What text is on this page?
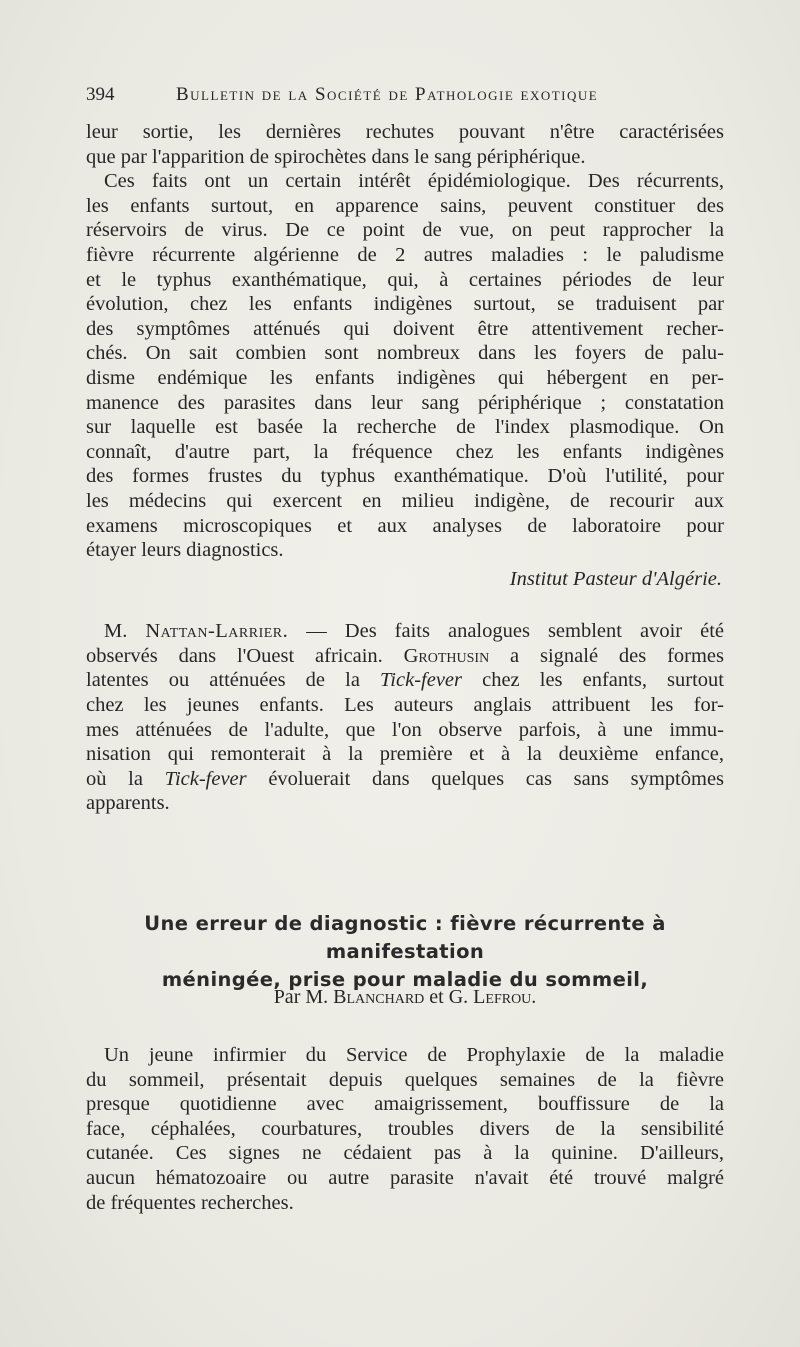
394	Bulletin de la Société de Pathologie exotique

leur sortie, les dernières rechutes pouvant n'être caractérisées
que par l'apparition de spirochètes dans le sang périphérique.

Ces faits ont un certain intérêt épidémiologique. Des récurrents,
les enfants surtout, en apparence sains, peuvent constituer des
réservoirs de virus. De ce point de vue, on peut rapprocher la
fièvre récurrente algérienne de 2 autres maladies : le paludisme
et le typhus exanthématique, qui, à certaines périodes de leur
évolution, chez les enfants indigènes surtout, se traduisent par
des symptômes atténués qui doivent être attentivement recher-
chés. On sait combien sont nombreux dans les foyers de palu-
disme endémique les enfants indigènes qui hébergent en per-
manence des parasites dans leur sang périphérique ; constatation
sur laquelle est basée la recherche de l'index plasmodique. On
connaît, d'autre part, la fréquence chez les enfants indigènes
des formes frustes du typhus exanthématique. D'où l'utilité, pour
les médecins qui exercent en milieu indigène, de recourir aux
examens microscopiques et aux analyses de laboratoire pour
étayer leurs diagnostics.

Institut Pasteur d'Algérie.

M. Nattan-Larrier. — Des faits analogues semblent avoir été
observés dans l'Ouest africain. Grothusin a signalé des formes
latentes ou atténuées de la Tick-fever chez les enfants, surtout
chez les jeunes enfants. Les auteurs anglais attribuent les for-
mes atténuées de l'adulte, que l'on observe parfois, à une immu-
nisation qui remonterait à la première et à la deuxième enfance,
où la Tick-fever évoluerait dans quelques cas sans symptômes
apparents.

Une erreur de diagnostic : fièvre récurrente à manifestation
méningée, prise pour maladie du sommeil,
Par M. Blanchard et G. Lefrou.

Un jeune infirmier du Service de Prophylaxie de la maladie
du sommeil, présentait depuis quelques semaines de la fièvre
presque quotidienne avec amaigrissement, bouffissure de la
face, céphalées, courbatures, troubles divers de la sensibilité
cutanée. Ces signes ne cédaient pas à la quinine. D'ailleurs,
aucun hématozoaire ou autre parasite n'avait été trouvé malgré
de fréquentes recherches.
